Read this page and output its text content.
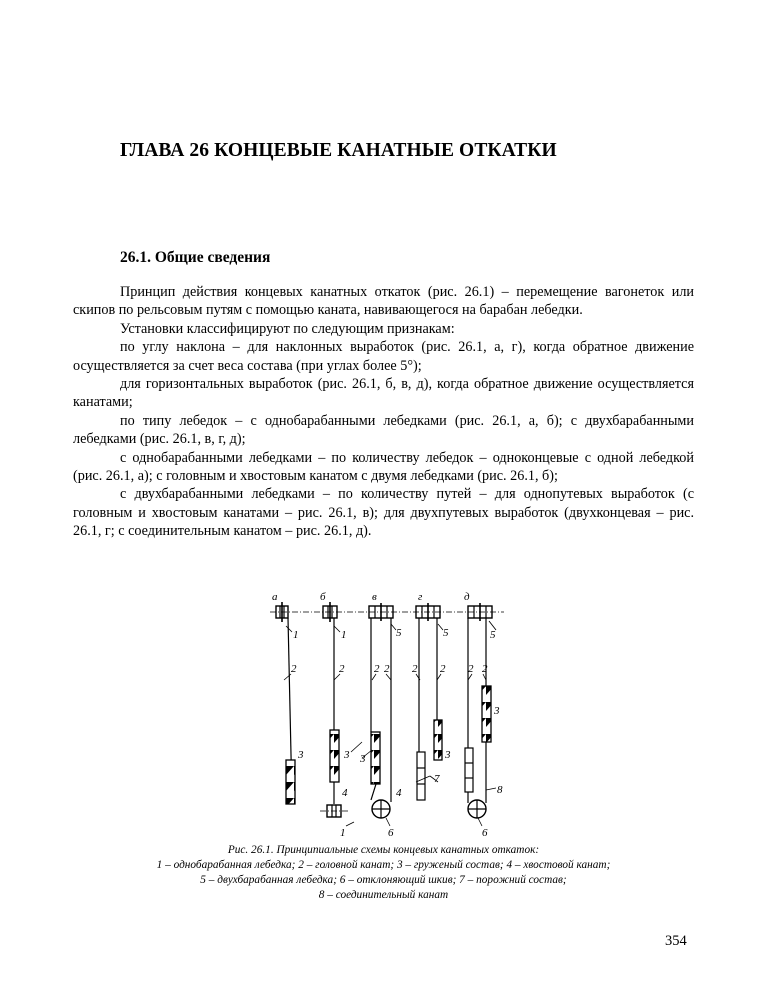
ГЛАВА 26 КОНЦЕВЫЕ КАНАТНЫЕ ОТКАТКИ
26.1. Общие сведения

Принцип действия концевых канатных откаток (рис. 26.1) – перемещение вагонеток или скипов по рельсовым путям с помощью каната, навивающегося на барабан лебедки.

Установки классифицируют по следующим признакам:

по углу наклона – для наклонных выработок (рис. 26.1, а, г), когда обратное движение осуществляется за счет веса состава (при углах более 5°);

для горизонтальных выработок (рис. 26.1, б, в, д), когда обратное движение осуществляется канатами;

по типу лебедок – с однобарабанными лебедками (рис. 26.1, а, б); с двухбарабанными лебедками (рис. 26.1, в, г, д);

с однобарабанными лебедками – по количеству лебедок – одноконцевые с одной лебедкой (рис. 26.1, а); с головным и хвостовым канатом с двумя лебедками (рис. 26.1, б);

с двухбарабанными лебедками – по количеству путей – для однопутевых выработок (с головным и хвостовым канатами – рис. 26.1, в); для двухпутевых выработок (двухконцевая – рис. 26.1, г; с соединительным канатом – рис. 26.1, д).

а	б	в	г	д
1	1	5	5	5
2	2	2 2 2 2 2 2
3	3 3	3
3
4	4
7
8
1	6	6
Рис. 26.1. Принципиальные схемы концевых канатных откаток:
1 – однобарабанная лебедка; 2 – головной канат; 3 – груженый состав; 4 – хвостовой канат;
5 – двухбарабанная лебедка; 6 – отклоняющий шкив; 7 – порожний состав;
8 – соединительный канат
354
